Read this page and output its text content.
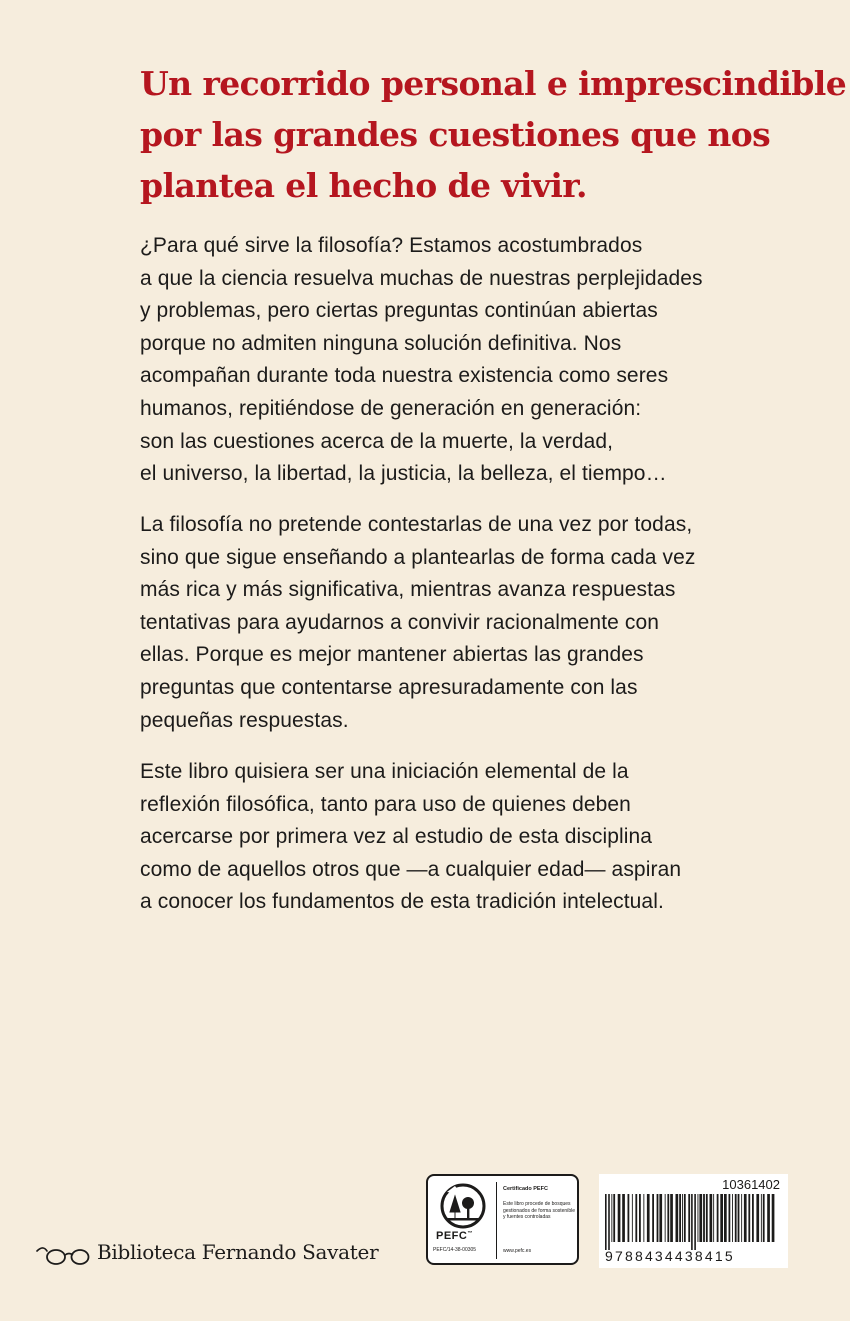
Un recorrido personal e imprescindible
por las grandes cuestiones que nos
plantea el hecho de vivir.

¿Para qué sirve la filosofía? Estamos acostumbrados
a que la ciencia resuelva muchas de nuestras perplejidades
y problemas, pero ciertas preguntas continúan abiertas
porque no admiten ninguna solución definitiva. Nos
acompañan durante toda nuestra existencia como seres
humanos, repitiéndose de generación en generación:
son las cuestiones acerca de la muerte, la verdad,
el universo, la libertad, la justicia, la belleza, el tiempo…

La filosofía no pretende contestarlas de una vez por todas,
sino que sigue enseñando a plantearlas de forma cada vez
más rica y más significativa, mientras avanza respuestas
tentativas para ayudarnos a convivir racionalmente con
ellas. Porque es mejor mantener abiertas las grandes
preguntas que contentarse apresuradamente con las
pequeñas respuestas.

Este libro quisiera ser una iniciación elemental de la
reflexión filosófica, tanto para uso de quienes deben
acercarse por primera vez al estudio de esta disciplina
como de aquellos otros que —a cualquier edad— aspiran
a conocer los fundamentos de esta tradición intelectual.

Biblioteca Fernando Savater
PEFC™
PEFC/14-38-00305
Certificado PEFC
Este libro procede de bosques gestionados de forma sostenible y fuentes controladas
www.pefc.es
10361402
9788434438415
